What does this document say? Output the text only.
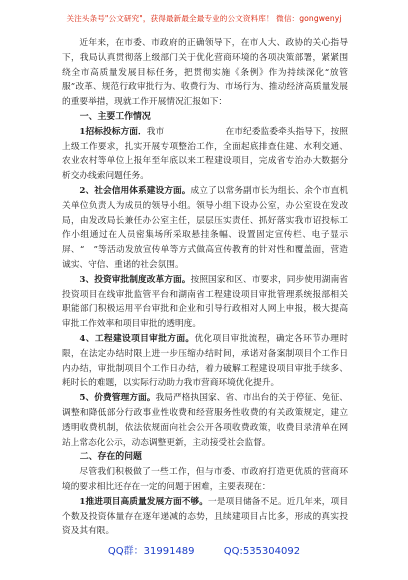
关注头条号"公文研究"，获得最新最全最专业的公文资料库！ 微信：gongwenyj

近年来，在市委、市政府的正确领导下，在市人大、政协的关心指导下，我局认真贯彻落上级部门关于优化营商环境的各项决策部署，紧紧围绕全市高质量发展目标任务，把贯彻实施《条例》作为持续深化“放管服”改革、规范行政审批行为、收费行为、市场行为、推动经济高质量发展的重要举措，现就工作开展情况汇报如下：

一、主要工作情况

1招标投标方面．我市　　　　　　　在市纪委监委牵头指导下，按照上级工作要求，扎实开展专项整治工作，全面起底排查住建、水利交通、农业农村等单位上报年至年底以来工程建设项目，完成省专治办大数据分析交办线索问题任务。

2、社会信用体系建设方面。成立了以常务副市长为组长、余个市直机关单位负责人为成员的领导小组。领导小组下设办公室，办公室设在发改局，由发改局长兼任办公室主任，层层压实责任、抓好落实我市诏投标工作小组通过在人员密集场所采取悬挂条幅、设置固定宣传栏、电子显示屏、“　”等活动发放宣传单等方式做高宣传教育的针对性和覆盖面，营造诚实、守信、重诺的社会氛围。

3、投资审批制度改革方面。按照国家和区、市要求，同步使用湖南省投资项目在线审批监管平台和湖南省工程建设项目审批管理系统报部相关职能部门积极运用平台审批和企业和引导行政相对人网上申报，极大提高审批工作效率和项目审批的透明度。

4、工程建设项目审批方面。优化项目审批流程，确定各环节办理时限，在法定办结时限上进一步压缩办结时间，承诺对备案制项目个工作日内办结，审批制项目个工作日办结，着力破解工程建设项目审批手续多、耗时长的难题，以实际行动助力我市营商环境优化提升。

5、价费管理方面。我局严格执国家、省、市出台的关于停征、免征、调整和降低部分行政事业性收费和经营服务性收费的有关政策规定，建立透明收费机制，依法依规面向社会公开各项收费政策，收费目录清单在网站上常态化公示，动态调整更新，主动接受社会监督。

二、存在的问题

尽管我们积极做了一些工作，但与市委、市政府打造更优质的营商环境的要求相比还存在一定的问题于困难，主要表现在：

1推进项目高质量发展方面不够。一是项目储备不足。近几年来，项目个数及投资体量存在逐年递减的态势，且续建项目占比多，形成的真实投资及其有限。

QQ群：31991489	QQ:535304092
